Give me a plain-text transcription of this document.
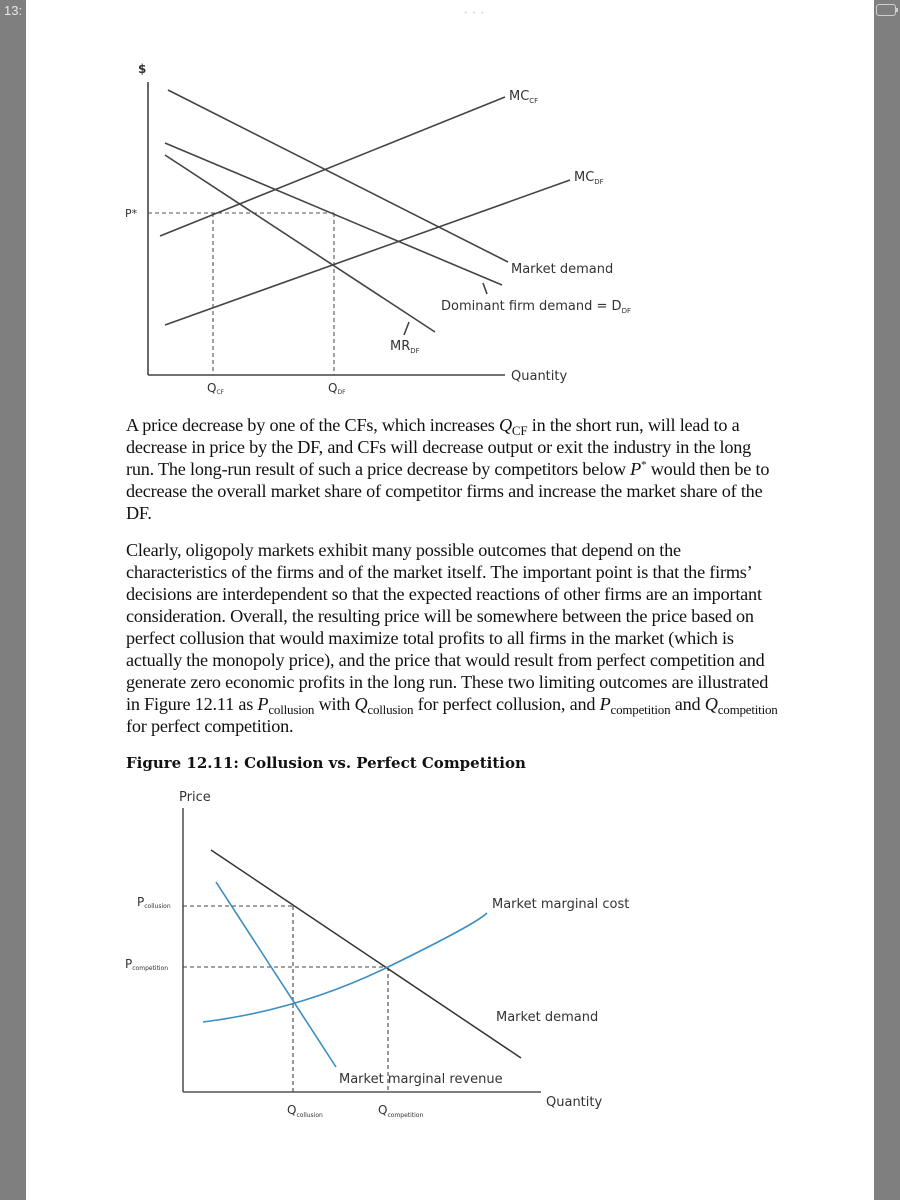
13:	• • •
$
P*
Quantity
Market demand
$MC_{CF}$
$MC_{DF}$
Dominant firm demand = $D_{DF}$
$MR_{DF}$
QCF	QDF
A price decrease by one of the CFs, which increases $Q_{CF}$ in the short run, will lead to a decrease in price by the DF, and CFs will decrease output or exit the industry in the long run. The long-run result of such a price decrease by competitors below P* would then be to decrease the overall market share of competitor firms and increase the market share of the DF.
Clearly, oligopoly markets exhibit many possible outcomes that depend on the characteristics of the firms and of the market itself. The important point is that the firms’ decisions are interdependent so that the expected reactions of other firms are an important consideration. Overall, the resulting price will be somewhere between the price based on perfect collusion that would maximize total profits to all firms in the market (which is actually the monopoly price), and the price that would result from perfect competition and generate zero economic profits in the long run. These two limiting outcomes are illustrated in Figure 12.11 as $P_{collusion}$ with $Q_{collusion}$ for perfect collusion, and $P_{competition}$ and $Q_{competition}$ for perfect competition.
Figure 12.11: Collusion vs. Perfect Competition
Price
Quantity
Market marginal cost
Market demand
Market marginal revenue
Pcollusion
Pcompetition
$Q_{collusion}$	$Q_{competition}$
